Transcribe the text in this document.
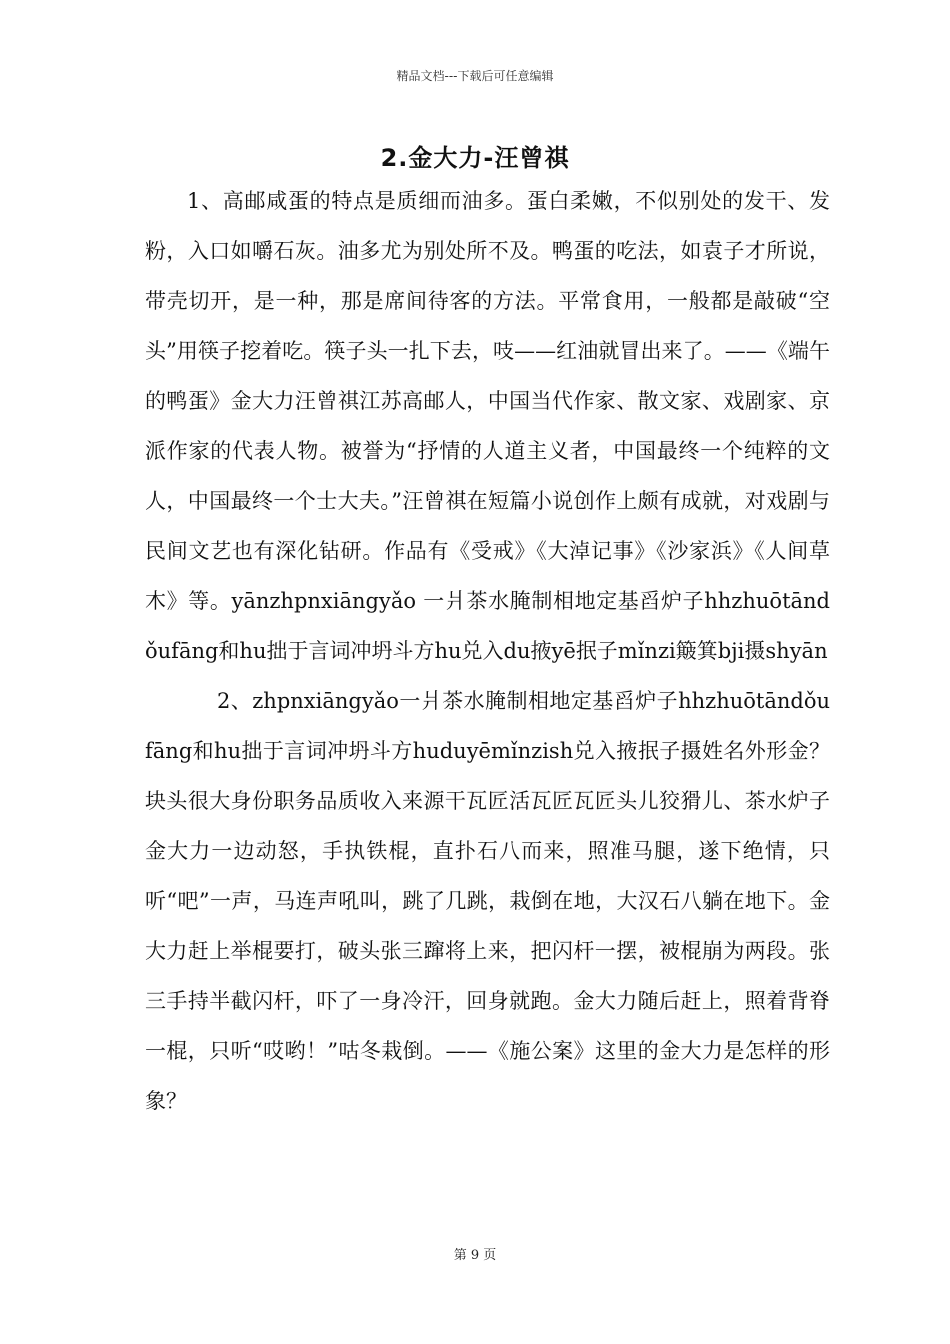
精品文档---下载后可任意编辑
2.金大力-汪曾祺

1、高邮咸蛋的特点是质细而油多。蛋白柔嫩，不似别处的发干、发粉，入口如嚼石灰。油多尤为别处所不及。鸭蛋的吃法，如袁子才所说，带壳切开，是一种，那是席间待客的方法。平常食用，一般都是敲破“空头”用筷子挖着吃。筷子头一扎下去，吱——红油就冒出来了。——《端午的鸭蛋》金大力汪曾祺江苏高邮人，中国当代作家、散文家、戏剧家、京派作家的代表人物。被誉为“抒情的人道主义者，中国最终一个纯粹的文人，中国最终一个士大夫。”汪曾祺在短篇小说创作上颇有成就，对戏剧与民间文艺也有深化钻研。作品有《受戒》《大淖记事》《沙家浜》《人间草木》等。yānzhpnxiāngyǎo 一爿茶水腌制相地定基舀炉子hhzhuōtāndǒufāng和hu拙于言词冲坍斗方hu兑入du掖yē抿子mǐnzi簸箕bji摄shyān

2、zhpnxiāngyǎo一爿茶水腌制相地定基舀炉子hhzhuōtāndǒufāng和hu拙于言词冲坍斗方huduyēmǐnzish兑入掖抿子摄姓名外形金？块头很大身份职务品质收入来源干瓦匠活瓦匠瓦匠头儿狡猾儿、茶水炉子金大力一边动怒，手执铁棍，直扑石八而来，照准马腿，遂下绝情，只听“吧”一声，马连声吼叫，跳了几跳，栽倒在地，大汉石八躺在地下。金大力赶上举棍要打，破头张三蹿将上来，把闪杆一摆，被棍崩为两段。张三手持半截闪杆，吓了一身冷汗，回身就跑。金大力随后赶上，照着背脊一棍，只听“哎哟！”咕冬栽倒。——《施公案》这里的金大力是怎样的形象？

第 9 页
